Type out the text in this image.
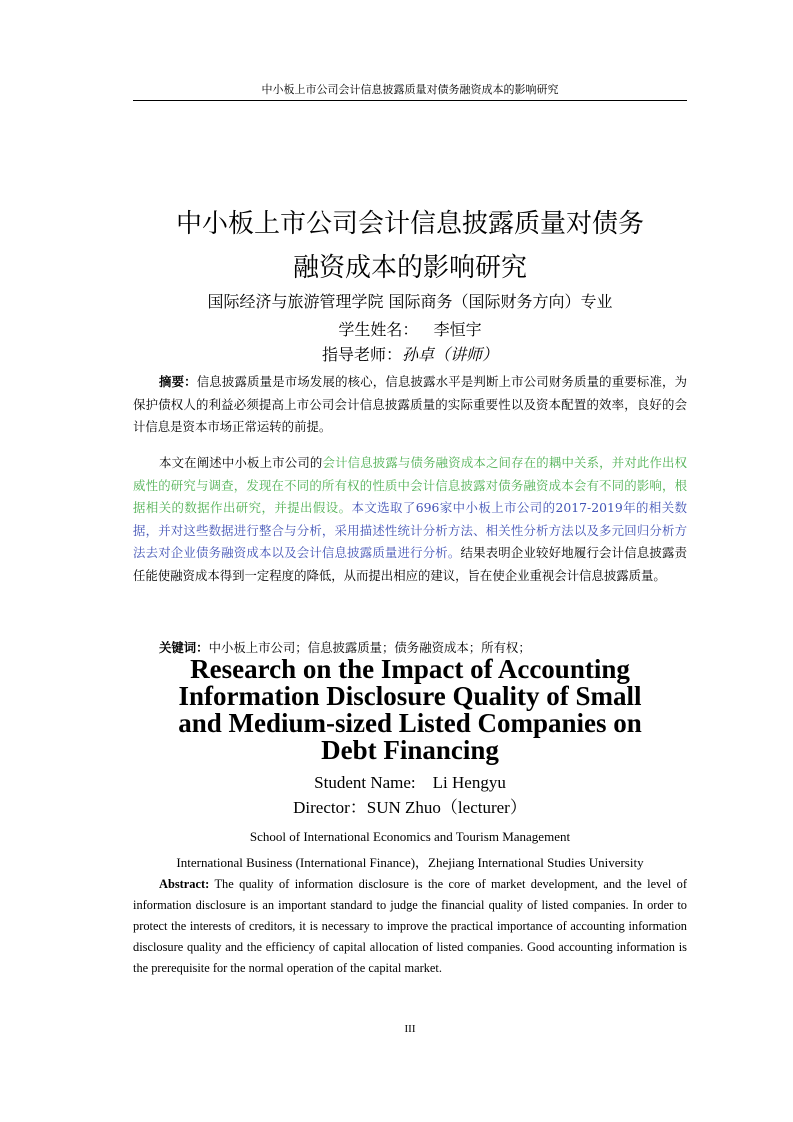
中小板上市公司会计信息披露质量对债务融资成本的影响研究
中小板上市公司会计信息披露质量对债务
融资成本的影响研究
国际经济与旅游管理学院 国际商务（国际财务方向）专业
学生姓名： 李恒宇
指导老师：孙卓（讲师）

摘要：信息披露质量是市场发展的核心，信息披露水平是判断上市公司财务质量的重要标准，为保护债权人的利益必须提高上市公司会计信息披露质量的实际重要性以及资本配置的效率，良好的会计信息是资本市场正常运转的前提。

本文在阐述中小板上市公司的会计信息披露与债务融资成本之间存在的耦中关系，并对此作出权威性的研究与调查，发现在不同的所有权的性质中会计信息披露对债务融资成本会有不同的影响，根据相关的数据作出研究，并提出假设。本文选取了696家中小板上市公司的2017-2019年的相关数据，并对这些数据进行整合与分析，采用描述性统计分析方法、相关性分析方法以及多元回归分析方法去对企业债务融资成本以及会计信息披露质量进行分析。结果表明企业较好地履行会计信息披露责任能使融资成本得到一定程度的降低，从而提出相应的建议，旨在使企业重视会计信息披露质量。

关键词：中小板上市公司；信息披露质量；债务融资成本；所有权；

Research on the Impact of Accounting
Information Disclosure Quality of Small
and Medium-sized Listed Companies on
Debt Financing
Student Name: Li Hengyu
Director：SUN Zhuo（lecturer）
School of International Economics and Tourism Management
International Business (International Finance)，Zhejiang International Studies University

Abstract: The quality of information disclosure is the core of market development, and the level of information disclosure is an important standard to judge the financial quality of listed companies. In order to protect the interests of creditors, it is necessary to improve the practical importance of accounting information disclosure quality and the efficiency of capital allocation of listed companies. Good accounting information is the prerequisite for the normal operation of the capital market.

III
